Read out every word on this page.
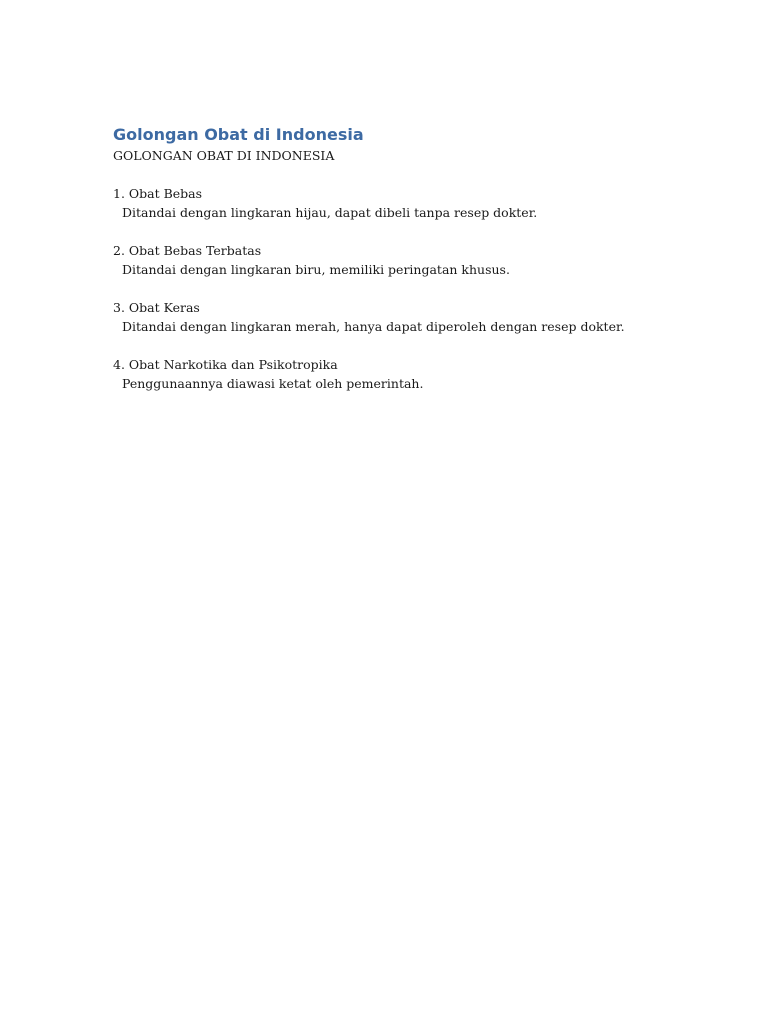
Golongan Obat di Indonesia

GOLONGAN OBAT DI INDONESIA

1. Obat Bebas

Ditandai dengan lingkaran hijau, dapat dibeli tanpa resep dokter.

2. Obat Bebas Terbatas

Ditandai dengan lingkaran biru, memiliki peringatan khusus.

3. Obat Keras

Ditandai dengan lingkaran merah, hanya dapat diperoleh dengan resep dokter.

4. Obat Narkotika dan Psikotropika

Penggunaannya diawasi ketat oleh pemerintah.
